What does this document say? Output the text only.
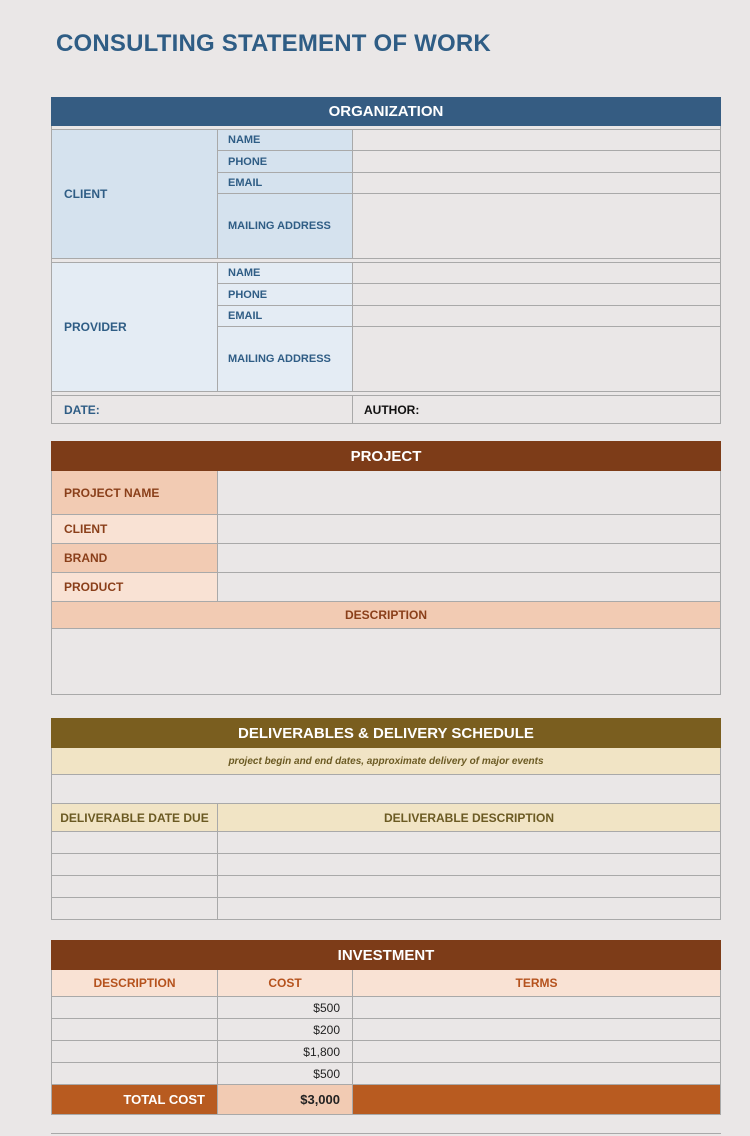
CONSULTING STATEMENT OF WORK
ORGANIZATION		

CLIENT	NAME	
	PHONE	
	EMAIL	
	MAILING ADDRESS	

PROVIDER	NAME	
	PHONE	
	EMAIL	
	MAILING ADDRESS	

DATE:		AUTHOR:
PROJECT	
PROJECT NAME	
CLIENT	
BRAND	
PRODUCT	
DESCRIPTION	

DELIVERABLES & DELIVERY SCHEDULE	
project begin and end dates, approximate delivery of major events	

DELIVERABLE DATE DUE	DELIVERABLE DESCRIPTION

INVESTMENT		
DESCRIPTION	COST	TERMS
	$500	
	$200	
	$1,800	
	$500	
TOTAL COST	$3,000	
